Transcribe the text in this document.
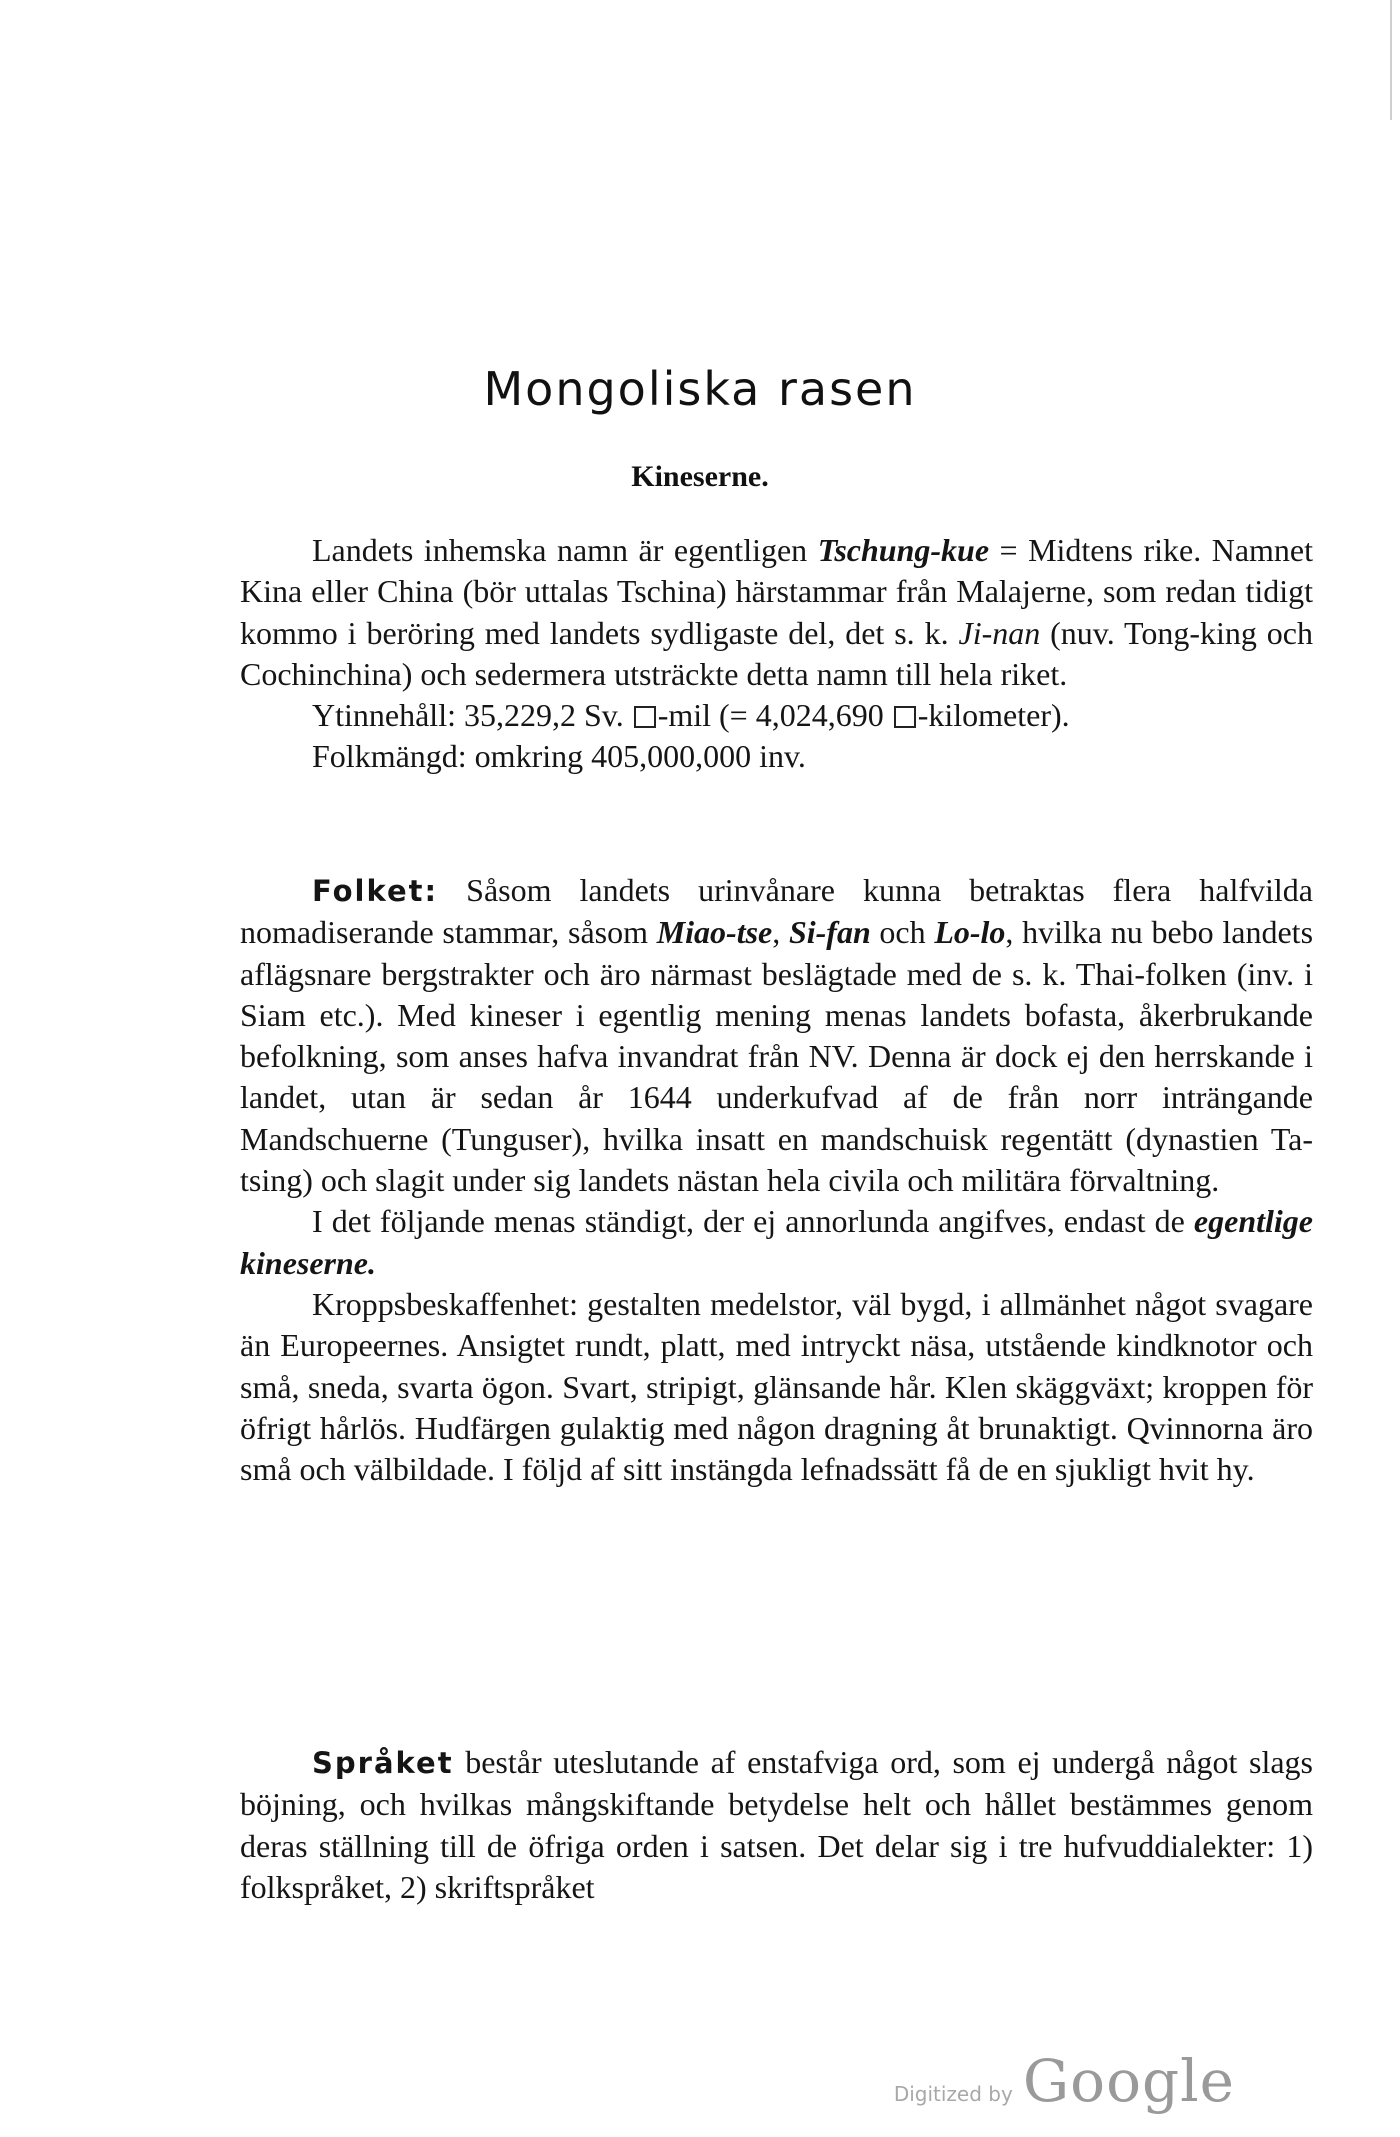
Mongoliska rasen
Kineserne.

Landets inhemska namn är egentligen Tschung-kue = Midtens rike. Namnet Kina eller China (bör uttalas Tschina) härstammar från Malajerne, som redan tidigt kommo i beröring med landets sydligaste del, det s. k. Ji-nan (nuv. Tong-king och Cochinchina) och sedermera utsträckte detta namn till hela riket.

Ytinnehåll: 35,229,2 Sv. -mil (= 4,024,690 -kilometer).

Folkmängd: omkring 405,000,000 inv.

Folket: Såsom landets urinvånare kunna betraktas flera halfvilda nomadiserande stammar, såsom Miao-tse, Si-fan och Lo-lo, hvilka nu bebo landets aflägsnare bergstrakter och äro närmast beslägtade med de s. k. Thai-folken (inv. i Siam etc.). Med kineser i egentlig mening menas landets bofasta, åkerbrukande befolkning, som anses hafva invandrat från NV. Denna är dock ej den herrskande i landet, utan är sedan år 1644 underkufvad af de från norr inträngande Mandschuerne (Tunguser), hvilka insatt en mandschuisk regentätt (dynastien Ta-tsing) och slagit under sig landets nästan hela civila och militära förvaltning.

I det följande menas ständigt, der ej annorlunda angifves, endast de egentlige kineserne.

Kroppsbeskaffenhet: gestalten medelstor, väl bygd, i allmänhet något svagare än Europeernes. Ansigtet rundt, platt, med intryckt näsa, utstående kindknotor och små, sneda, svarta ögon. Svart, stripigt, glänsande hår. Klen skäggväxt; kroppen för öfrigt hårlös. Hudfärgen gulaktig med någon dragning åt brunaktigt. Qvinnorna äro små och välbildade. I följd af sitt instängda lefnadssätt få de en sjukligt hvit hy.

Språket består uteslutande af enstafviga ord, som ej undergå något slags böjning, och hvilkas mångskiftande betydelse helt och hållet bestämmes genom deras ställning till de öfriga orden i satsen. Det delar sig i tre hufvuddialekter: 1) folkspråket, 2) skriftspråket

Digitized by Google
